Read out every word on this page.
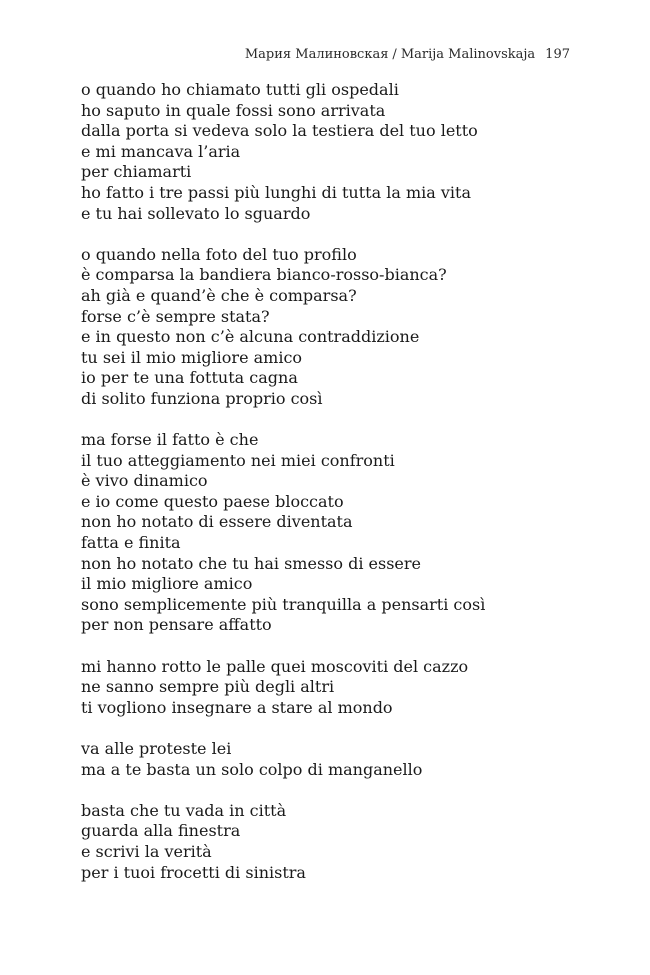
Мария Малиновская / Marija Malinovskaja 197
o quando ho chiamato tutti gli ospedali
ho saputo in quale fossi sono arrivata
dalla porta si vedeva solo la testiera del tuo letto
e mi mancava l’aria
per chiamarti
ho fatto i tre passi più lunghi di tutta la mia vita
e tu hai sollevato lo sguardo
o quando nella foto del tuo profilo
è comparsa la bandiera bianco-rosso-bianca?
ah già e quand’è che è comparsa?
forse c’è sempre stata?
e in questo non c’è alcuna contraddizione
tu sei il mio migliore amico
io per te una fottuta cagna
di solito funziona proprio così
ma forse il fatto è che
il tuo atteggiamento nei miei confronti
è vivo dinamico
e io come questo paese bloccato
non ho notato di essere diventata
fatta e finita
non ho notato che tu hai smesso di essere
il mio migliore amico
sono semplicemente più tranquilla a pensarti così
per non pensare affatto
mi hanno rotto le palle quei moscoviti del cazzo
ne sanno sempre più degli altri
ti vogliono insegnare a stare al mondo
va alle proteste lei
ma a te basta un solo colpo di manganello
basta che tu vada in città
guarda alla finestra
e scrivi la verità
per i tuoi frocetti di sinistra
